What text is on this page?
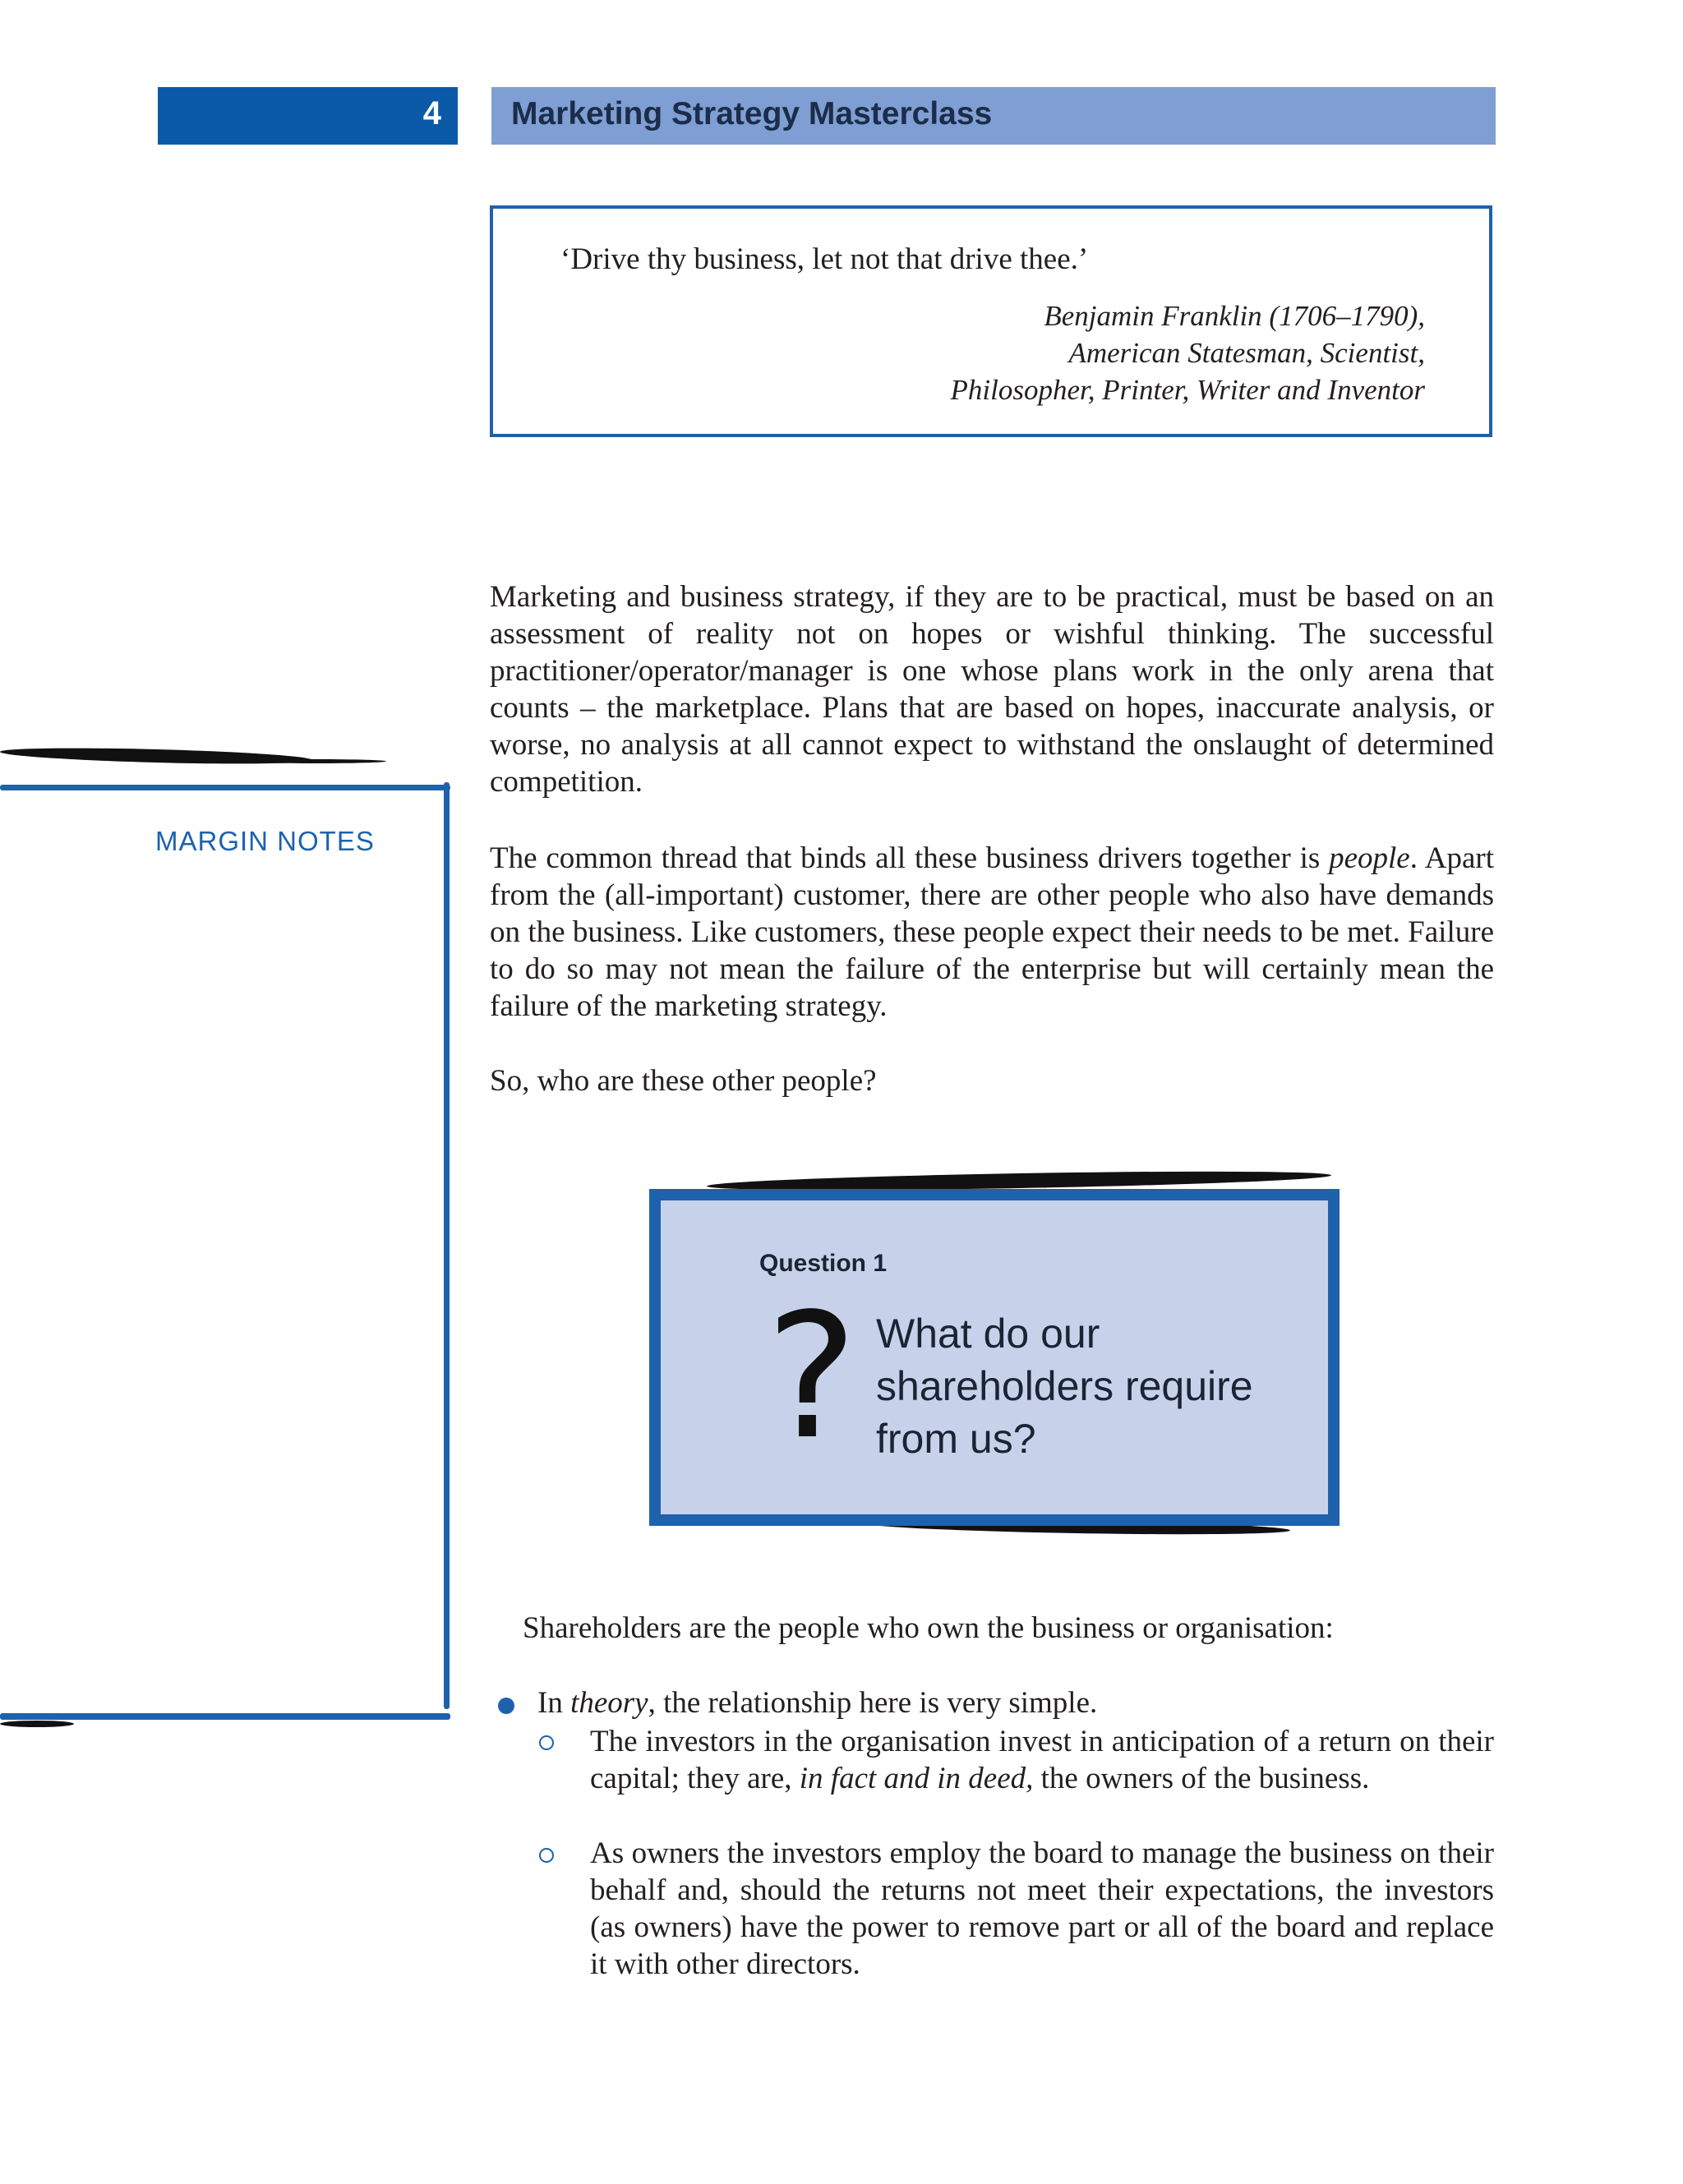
4 Marketing Strategy Masterclass
‘Drive thy business, let not that drive thee.’
Benjamin Franklin (1706–1790),
American Statesman, Scientist,
Philosopher, Printer, Writer and Inventor
MARGIN NOTES
Marketing and business strategy, if they are to be practical, must be based on an assessment of reality not on hopes or wishful thinking. The successful practitioner/operator/manager is one whose plans work in the only arena that counts – the marketplace. Plans that are based on hopes, inaccurate analysis, or worse, no analysis at all cannot expect to withstand the onslaught of determined competition.
The common thread that binds all these business drivers together is people. Apart from the (all-important) customer, there are other people who also have demands on the business. Like customers, these people expect their needs to be met. Failure to do so may not mean the failure of the enterprise but will certainly mean the failure of the marketing strategy.
So, who are these other people?
Question 1
? What do our shareholders require from us?
Shareholders are the people who own the business or organisation:
In theory, the relationship here is very simple.
The investors in the organisation invest in anticipation of a return on their capital; they are, in fact and in deed, the owners of the business.
As owners the investors employ the board to manage the business on their behalf and, should the returns not meet their expectations, the investors (as owners) have the power to remove part or all of the board and replace it with other directors.
